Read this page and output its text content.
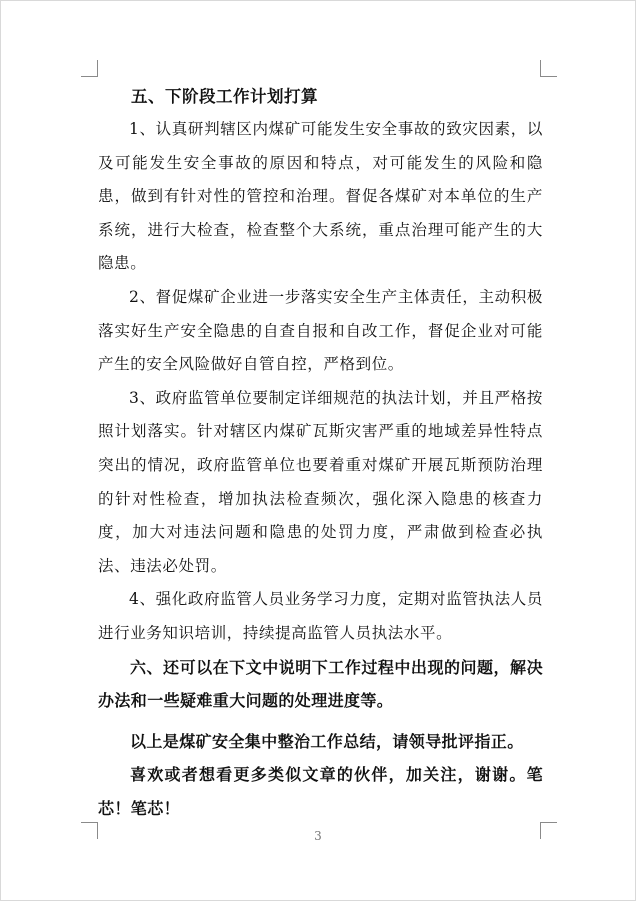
五、下阶段工作计划打算

1、认真研判辖区内煤矿可能发生安全事故的致灾因素，以及可能发生安全事故的原因和特点，对可能发生的风险和隐患，做到有针对性的管控和治理。督促各煤矿对本单位的生产系统，进行大检查，检查整个大系统，重点治理可能产生的大隐患。

2、督促煤矿企业进一步落实安全生产主体责任，主动积极落实好生产安全隐患的自查自报和自改工作，督促企业对可能产生的安全风险做好自管自控，严格到位。

3、政府监管单位要制定详细规范的执法计划，并且严格按照计划落实。针对辖区内煤矿瓦斯灾害严重的地域差异性特点突出的情况，政府监管单位也要着重对煤矿开展瓦斯预防治理的针对性检查，增加执法检查频次，强化深入隐患的核查力度，加大对违法问题和隐患的处罚力度，严肃做到检查必执法、违法必处罚。

4、强化政府监管人员业务学习力度，定期对监管执法人员进行业务知识培训，持续提高监管人员执法水平。

六、还可以在下文中说明下工作过程中出现的问题，解决办法和一些疑难重大问题的处理进度等。

以上是煤矿安全集中整治工作总结，请领导批评指正。

喜欢或者想看更多类似文章的伙伴，加关注，谢谢。笔芯！笔芯！

3
